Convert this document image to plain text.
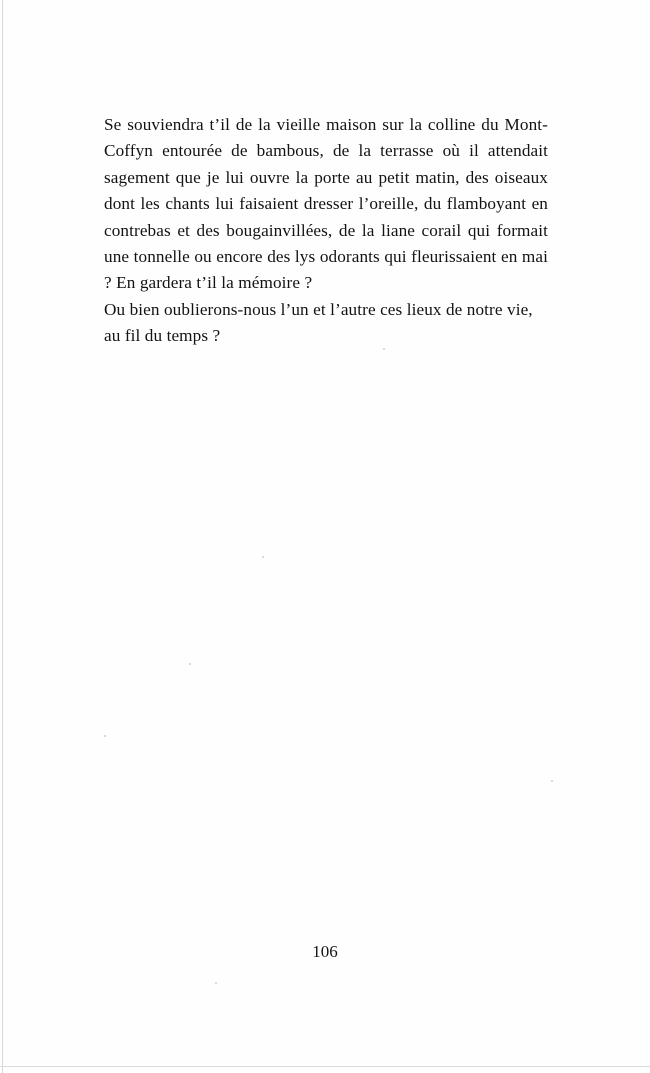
Se souviendra t’il de la vieille maison sur la colline du Mont-Coffyn entourée de bambous, de la terrasse où il attendait sagement que je lui ouvre la porte au petit matin, des oiseaux dont les chants lui faisaient dresser l’oreille, du flamboyant en contrebas et des bougainvillées, de la liane corail qui formait une tonnelle ou encore des lys odorants qui fleurissaient en mai ? En gardera t’il la mémoire ?

Ou bien oublierons-nous l’un et l’autre ces lieux de notre vie, au fil du temps ?

106
